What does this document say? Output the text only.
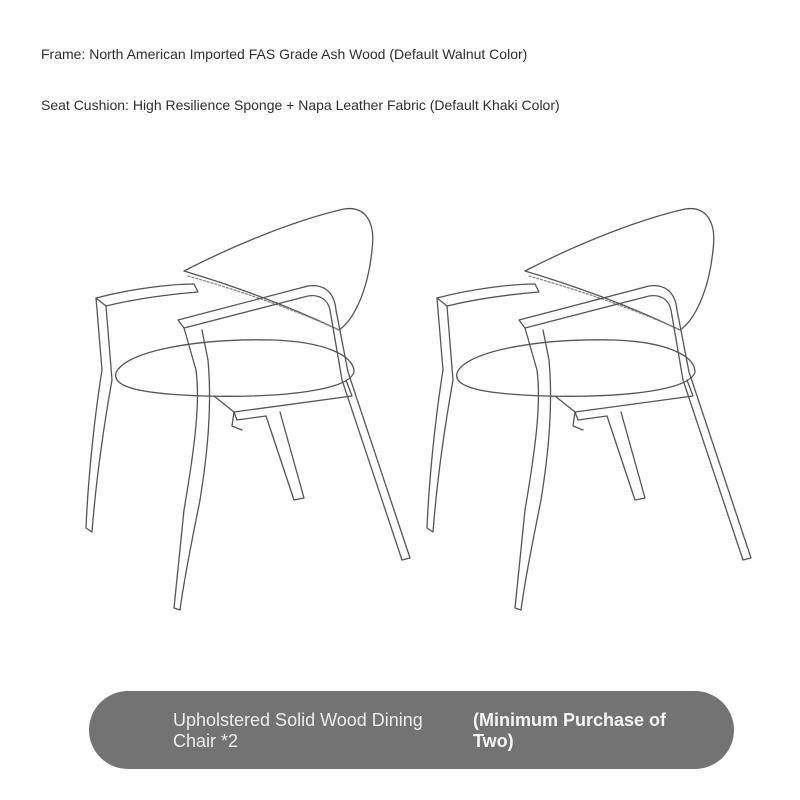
Frame: North American Imported FAS Grade Ash Wood (Default Walnut Color)
Seat Cushion: High Resilience Sponge + Napa Leather Fabric (Default Khaki Color)
Upholstered Solid Wood Dining Chair *2
(Minimum Purchase of Two)
